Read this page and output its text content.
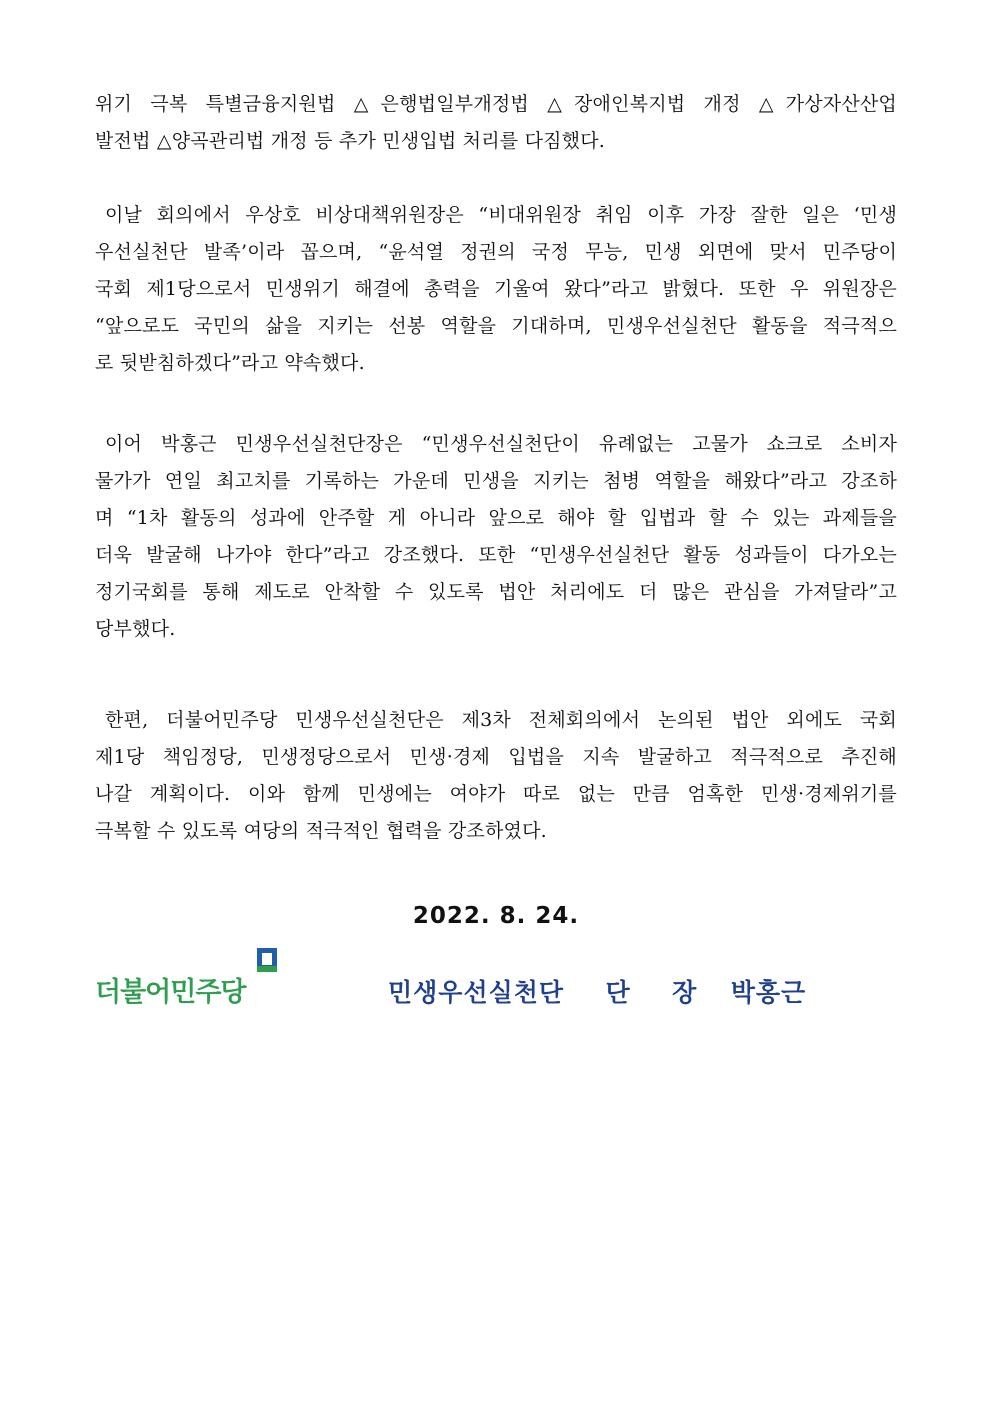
위기 극복 특별금융지원법 △은행법일부개정법 △장애인복지법 개정 △가상자산산업
발전법 △양곡관리법 개정 등 추가 민생입법 처리를 다짐했다.
이날 회의에서 우상호 비상대책위원장은 “비대위원장 취임 이후 가장 잘한 일은 ‘민생
우선실천단 발족’이라 꼽으며, “윤석열 정권의 국정 무능, 민생 외면에 맞서 민주당이
국회 제1당으로서 민생위기 해결에 총력을 기울여 왔다”라고 밝혔다. 또한 우 위원장은
“앞으로도 국민의 삶을 지키는 선봉 역할을 기대하며, 민생우선실천단 활동을 적극적으
로 뒷받침하겠다”라고 약속했다.
이어 박홍근 민생우선실천단장은 “민생우선실천단이 유례없는 고물가 쇼크로 소비자
물가가 연일 최고치를 기록하는 가운데 민생을 지키는 첨병 역할을 해왔다”라고 강조하
며 “1차 활동의 성과에 안주할 게 아니라 앞으로 해야 할 입법과 할 수 있는 과제들을
더욱 발굴해 나가야 한다”라고 강조했다. 또한 “민생우선실천단 활동 성과들이 다가오는
정기국회를 통해 제도로 안착할 수 있도록 법안 처리에도 더 많은 관심을 가져달라”고
당부했다.
한편, 더불어민주당 민생우선실천단은 제3차 전체회의에서 논의된 법안 외에도 국회
제1당 책임정당, 민생정당으로서 민생·경제 입법을 지속 발굴하고 적극적으로 추진해
나갈 계획이다. 이와 함께 민생에는 여야가 따로 없는 만큼 엄혹한 민생·경제위기를
극복할 수 있도록 여당의 적극적인 협력을 강조하였다.
2022. 8. 24.
더불어민주당	민생우선실천단 단 장 박홍근
